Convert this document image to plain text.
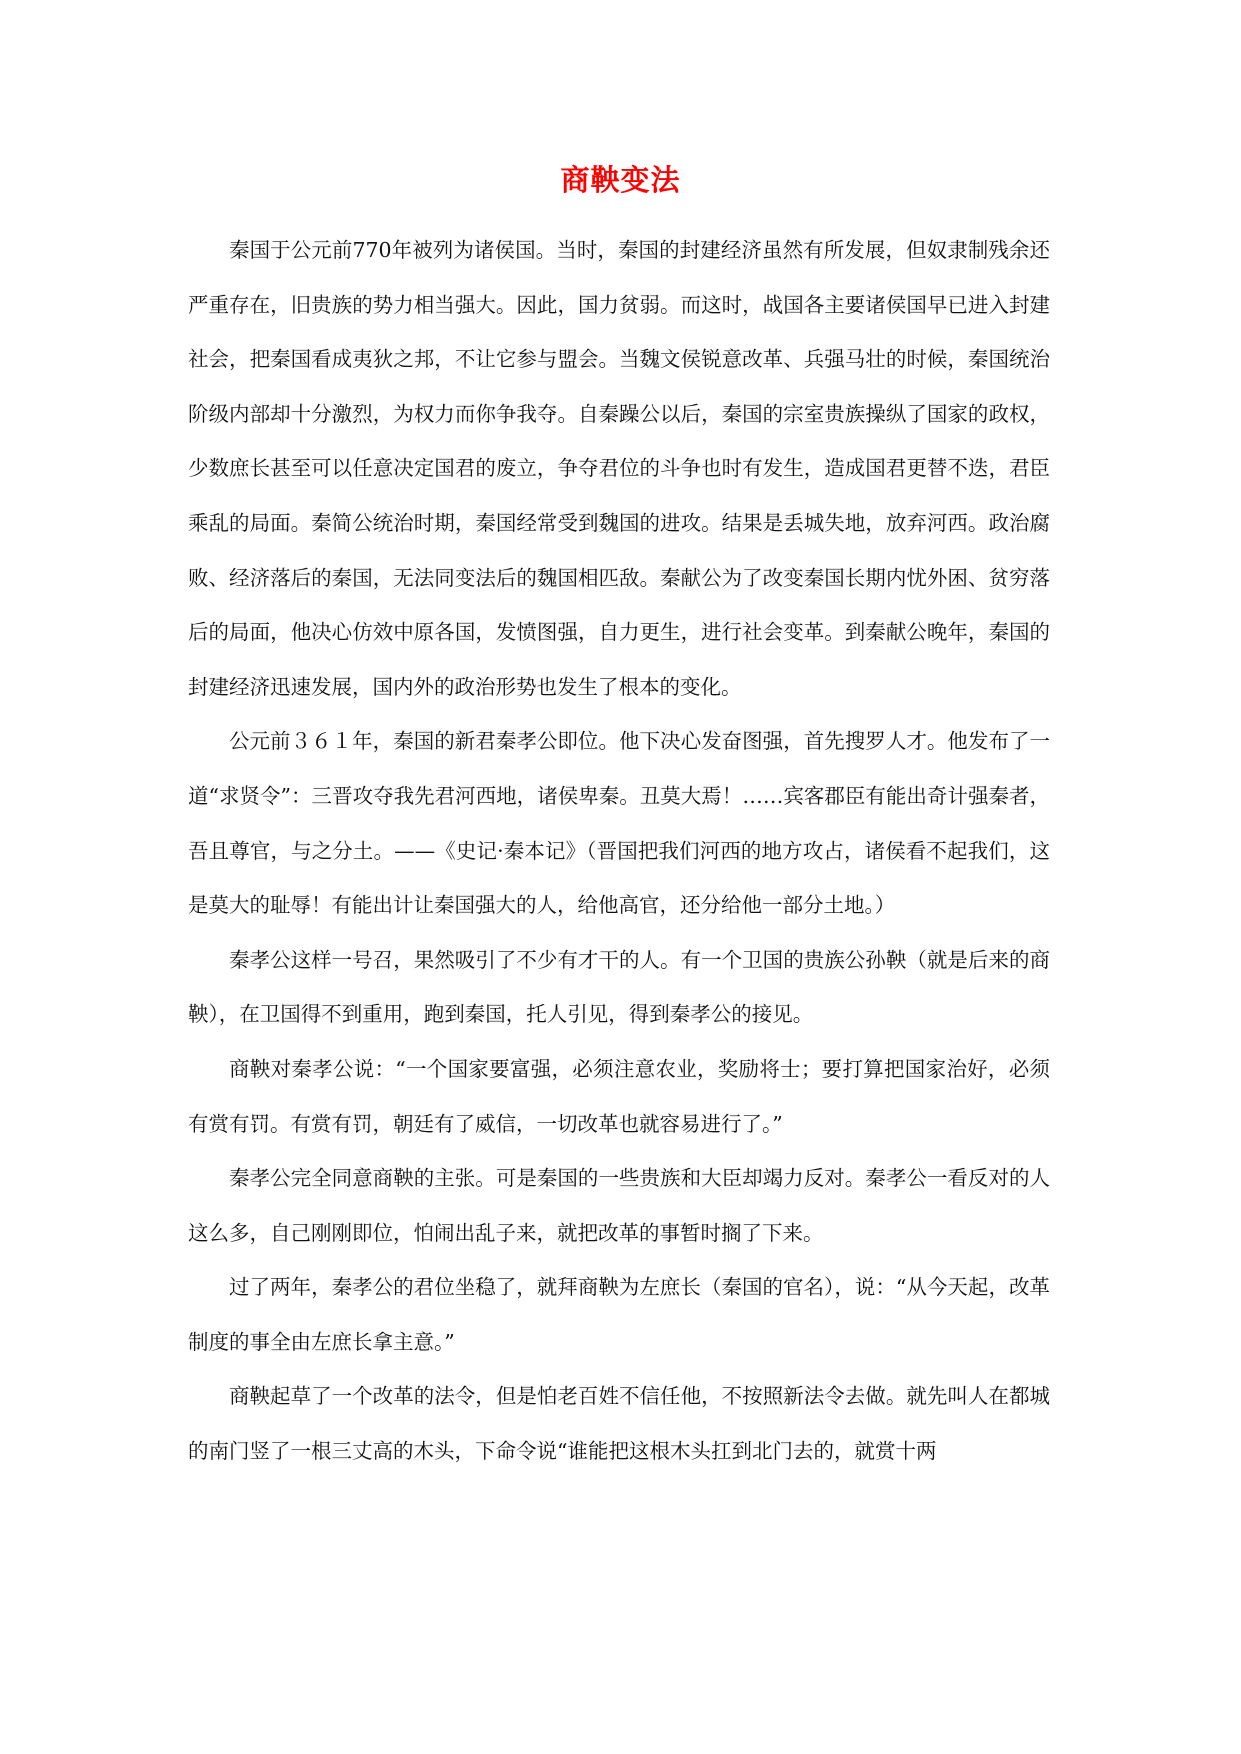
商鞅变法

秦国于公元前770年被列为诸侯国。当时，秦国的封建经济虽然有所发展，但奴隶制残余还严重存在，旧贵族的势力相当强大。因此，国力贫弱。而这时，战国各主要诸侯国早已进入封建社会，把秦国看成夷狄之邦，不让它参与盟会。当魏文侯锐意改革、兵强马壮的时候，秦国统治阶级内部却十分激烈，为权力而你争我夺。自秦躁公以后，秦国的宗室贵族操纵了国家的政权，少数庶长甚至可以任意决定国君的废立，争夺君位的斗争也时有发生，造成国君更替不迭，君臣乘乱的局面。秦简公统治时期，秦国经常受到魏国的进攻。结果是丢城失地，放弃河西。政治腐败、经济落后的秦国，无法同变法后的魏国相匹敌。秦献公为了改变秦国长期内忧外困、贫穷落后的局面，他决心仿效中原各国，发愤图强，自力更生，进行社会变革。到秦献公晚年，秦国的封建经济迅速发展，国内外的政治形势也发生了根本的变化。

公元前３６１年，秦国的新君秦孝公即位。他下决心发奋图强，首先搜罗人才。他发布了一道“求贤令”：三晋攻夺我先君河西地，诸侯卑秦。丑莫大焉！……宾客郡臣有能出奇计强秦者，吾且尊官，与之分土。——《史记·秦本记》（晋国把我们河西的地方攻占，诸侯看不起我们，这是莫大的耻辱！有能出计让秦国强大的人，给他高官，还分给他一部分土地。）

秦孝公这样一号召，果然吸引了不少有才干的人。有一个卫国的贵族公孙鞅（就是后来的商鞅），在卫国得不到重用，跑到秦国，托人引见，得到秦孝公的接见。

商鞅对秦孝公说：“一个国家要富强，必须注意农业，奖励将士；要打算把国家治好，必须有赏有罚。有赏有罚，朝廷有了威信，一切改革也就容易进行了。”

秦孝公完全同意商鞅的主张。可是秦国的一些贵族和大臣却竭力反对。秦孝公一看反对的人这么多，自己刚刚即位，怕闹出乱子来，就把改革的事暂时搁了下来。

过了两年，秦孝公的君位坐稳了，就拜商鞅为左庶长（秦国的官名），说：“从今天起，改革制度的事全由左庶长拿主意。”

商鞅起草了一个改革的法令，但是怕老百姓不信任他，不按照新法令去做。就先叫人在都城的南门竖了一根三丈高的木头，下命令说“谁能把这根木头扛到北门去的，就赏十两
